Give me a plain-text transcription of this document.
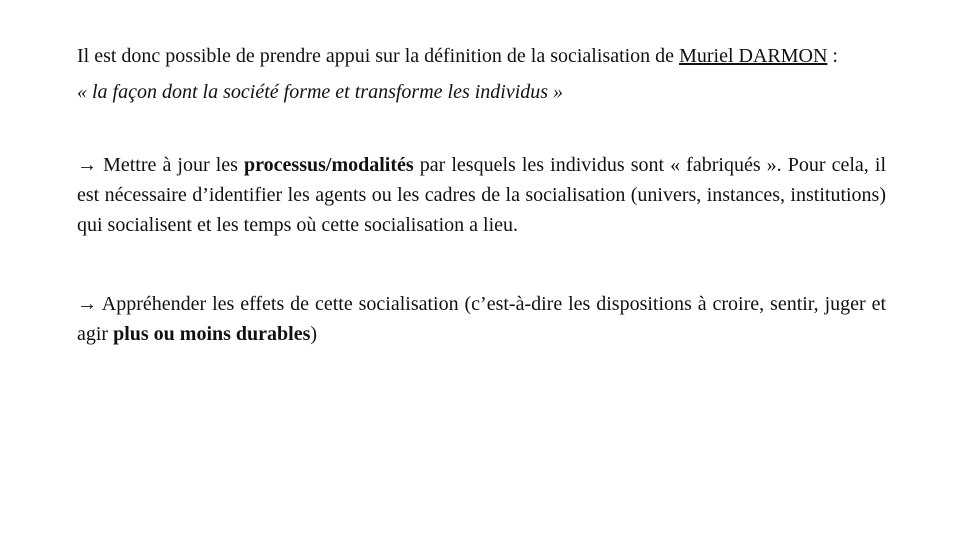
Il est donc possible de prendre appui sur la définition de la socialisation de Muriel DARMON :

« la façon dont la société forme et transforme les individus »

→ Mettre à jour les processus/modalités par lesquels les individus sont « fabriqués ». Pour cela, il est nécessaire d’identifier les agents ou les cadres de la socialisation (univers, instances, institutions) qui socialisent et les temps où cette socialisation a lieu.

→ Appréhender les effets de cette socialisation (c’est-à-dire les dispositions à croire, sentir, juger et agir plus ou moins durables)
